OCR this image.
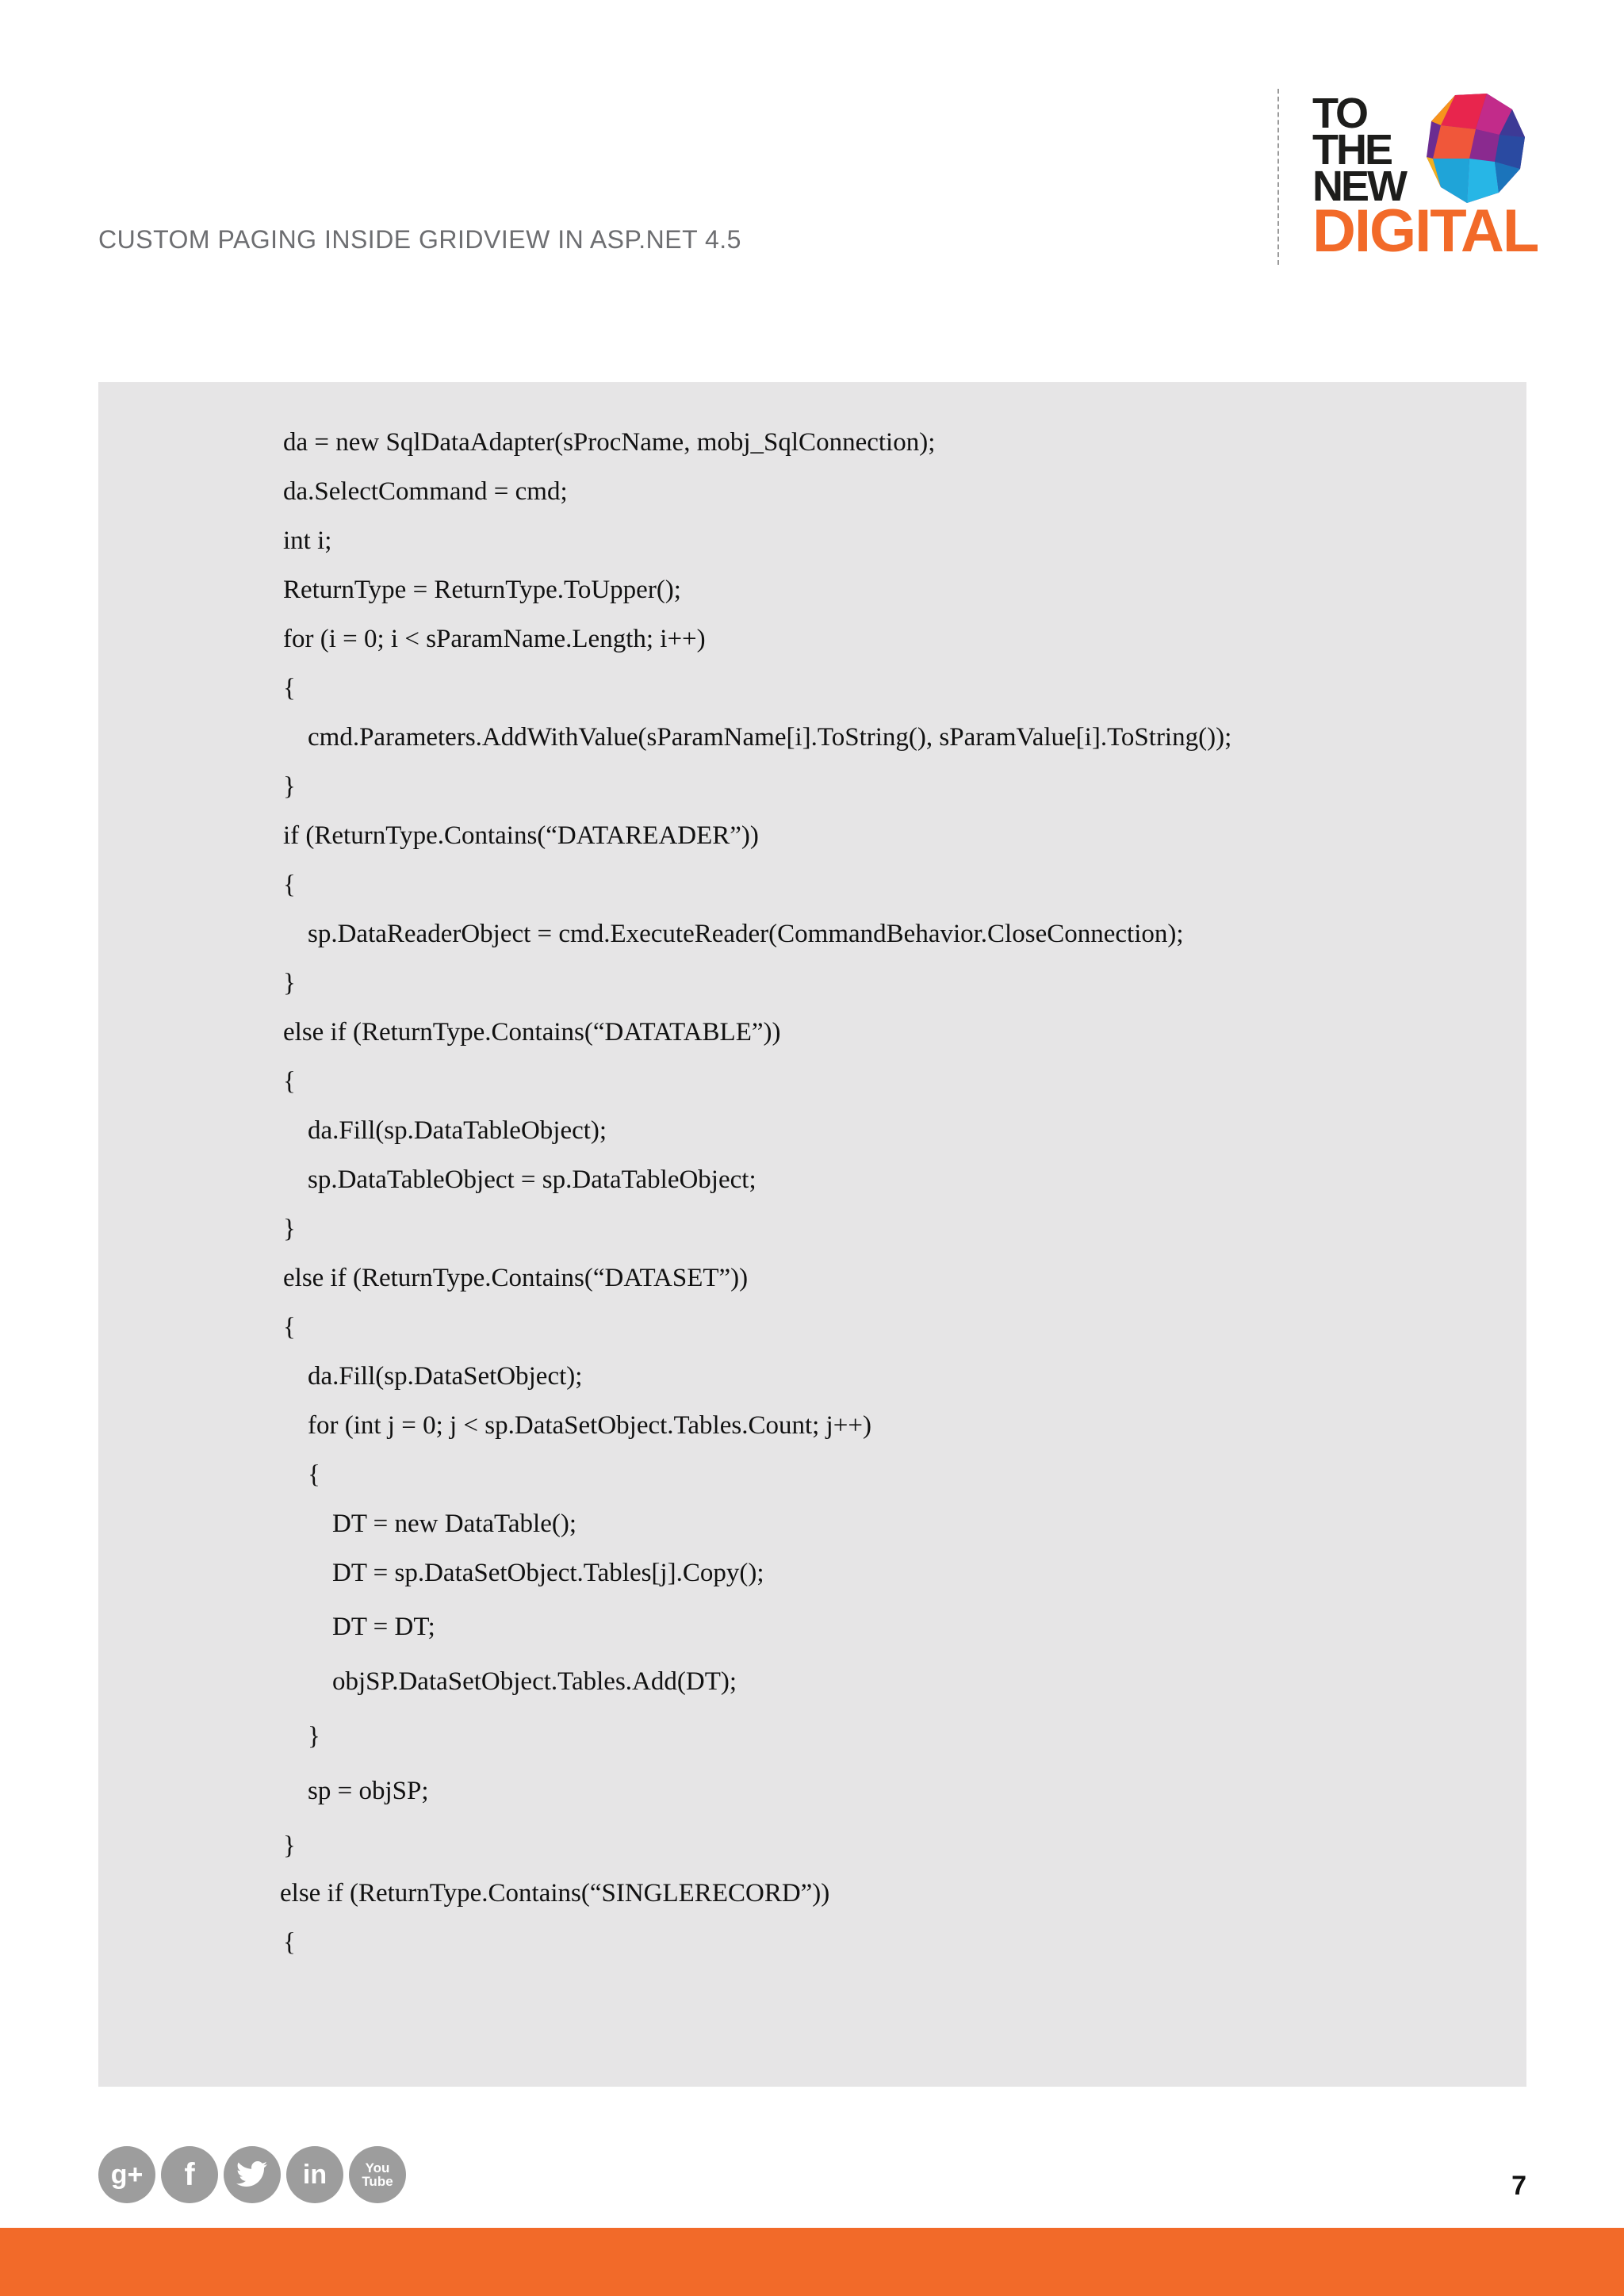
CUSTOM PAGING INSIDE GRIDVIEW IN ASP.NET 4.5
TO
THE
NEW
DIGITAL
da = new SqlDataAdapter(sProcName, mobj_SqlConnection);
da.SelectCommand = cmd;
int i;
ReturnType = ReturnType.ToUpper();
for (i = 0; i < sParamName.Length; i++)
{
cmd.Parameters.AddWithValue(sParamName[i].ToString(), sParamValue[i].ToString());
}
if (ReturnType.Contains(“DATAREADER”))
{
sp.DataReaderObject = cmd.ExecuteReader(CommandBehavior.CloseConnection);
}
else if (ReturnType.Contains(“DATATABLE”))
{
da.Fill(sp.DataTableObject);
sp.DataTableObject = sp.DataTableObject;
}
else if (ReturnType.Contains(“DATASET”))
{
da.Fill(sp.DataSetObject);
for (int j = 0; j < sp.DataSetObject.Tables.Count; j++)
{
DT = new DataTable();
DT = sp.DataSetObject.Tables[j].Copy();
DT = DT;
objSP.DataSetObject.Tables.Add(DT);
}
sp = objSP;
}
else if (ReturnType.Contains(“SINGLERECORD”))
{
g+ f	in	You Tube	7
